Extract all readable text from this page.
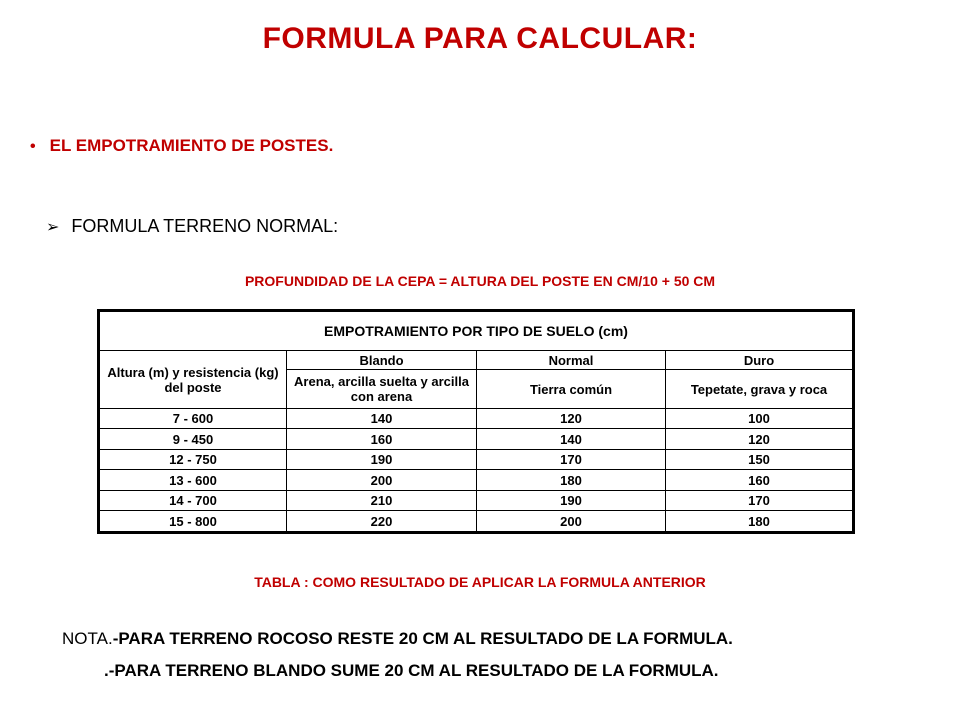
FORMULA PARA CALCULAR:
• EL EMPOTRAMIENTO DE POSTES.
➢ FORMULA TERRENO NORMAL:
PROFUNDIDAD DE LA CEPA = ALTURA DEL POSTE EN CM/10 + 50 CM
EMPOTRAMIENTO POR TIPO DE SUELO (cm)			
Altura (m) y resistencia (kg) del poste	Blando	Normal	Duro
	Arena, arcilla suelta y arcilla con arena	Tierra común	Tepetate, grava y roca
7 - 600	140	120	100
9 - 450	160	140	120
12 - 750	190	170	150
13 - 600	200	180	160
14 - 700	210	190	170
15 - 800	220	200	180
TABLA : COMO RESULTADO DE APLICAR LA FORMULA ANTERIOR
NOTA.-PARA TERRENO ROCOSO RESTE 20 CM AL RESULTADO DE LA FORMULA.
.-PARA TERRENO BLANDO SUME 20 CM AL RESULTADO DE LA FORMULA.
